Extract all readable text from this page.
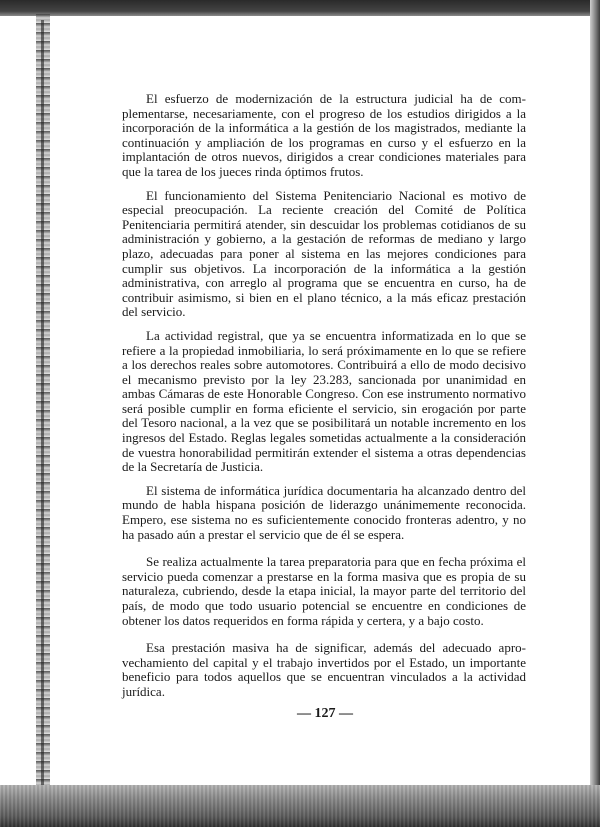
El esfuerzo de modernización de la estructura judicial ha de complementarse, necesariamente, con el progreso de los estudios dirigidos a la incorporación de la informática a la gestión de los magistrados, mediante la continuación y ampliación de los programas en curso y el esfuerzo en la implantación de otros nuevos, dirigidos a crear condiciones materiales para que la tarea de los jueces rinda óptimos frutos.

El funcionamiento del Sistema Penitenciario Nacional es motivo de especial preocupación. La reciente creación del Comité de Política Penitenciaria permitirá atender, sin descuidar los problemas cotidianos de su administración y gobierno, a la gestación de reformas de mediano y largo plazo, adecuadas para poner al sistema en las mejores condiciones para cumplir sus objetivos. La incorporación de la informática a la gestión administrativa, con arreglo al programa que se encuentra en curso, ha de contribuir asimismo, si bien en el plano técnico, a la más eficaz prestación del servicio.

La actividad registral, que ya se encuentra informatizada en lo que se refiere a la propiedad inmobiliaria, lo será próximamente en lo que se refiere a los derechos reales sobre automotores. Contribuirá a ello de modo decisivo el mecanismo previsto por la ley 23.283, sancionada por unanimidad en ambas Cámaras de este Honorable Congreso. Con ese instrumento normativo será posible cumplir en forma eficiente el servicio, sin erogación por parte del Tesoro nacional, a la vez que se posibilitará un notable incremento en los ingresos del Estado. Reglas legales sometidas actualmente a la consideración de vuestra honorabilidad permitirán extender el sistema a otras dependencias de la Secretaría de Justicia.

El sistema de informática jurídica documentaria ha alcanzado dentro del mundo de habla hispana posición de liderazgo unánimemente reconocida. Empero, ese sistema no es suficientemente conocido fronteras adentro, y no ha pasado aún a prestar el servicio que de él se espera.

Se realiza actualmente la tarea preparatoria para que en fecha próxima el servicio pueda comenzar a prestarse en la forma masiva que es propia de su naturaleza, cubriendo, desde la etapa inicial, la mayor parte del territorio del país, de modo que todo usuario potencial se encuentre en condiciones de obtener los datos requeridos en forma rápida y certera, y a bajo costo.

Esa prestación masiva ha de significar, además del adecuado aprovechamiento del capital y el trabajo invertidos por el Estado, un importante beneficio para todos aquellos que se encuentran vinculados a la actividad jurídica.

— 127 —
